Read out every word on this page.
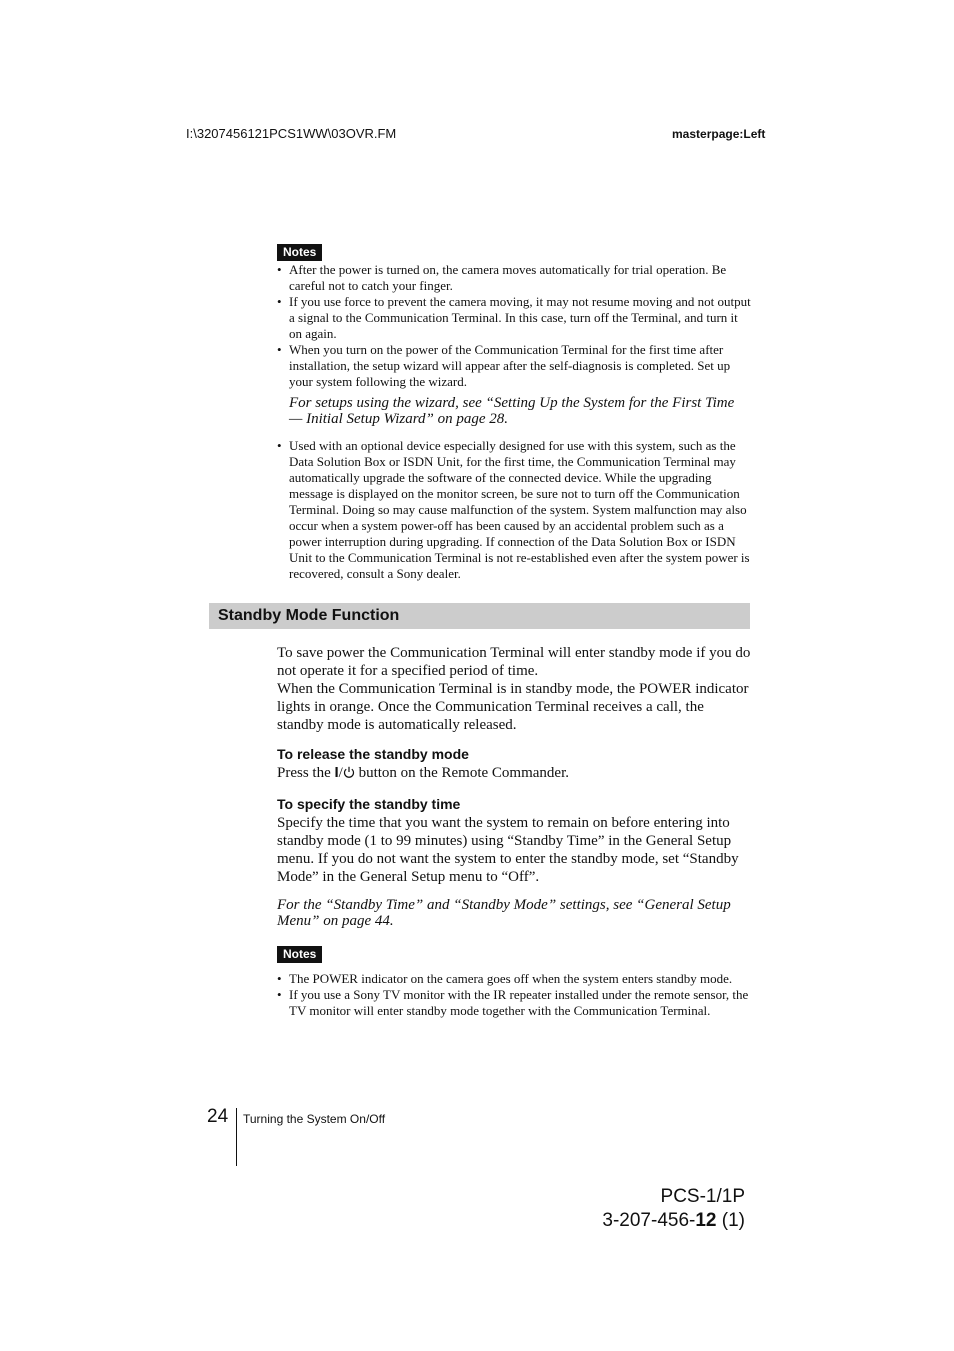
I:\3207456121PCS1WW\03OVR.FM	masterpage:Left
Notes
• After the power is turned on, the camera moves automatically for trial operation. Be careful not to catch your finger.
• If you use force to prevent the camera moving, it may not resume moving and not output a signal to the Communication Terminal. In this case, turn off the Terminal, and turn it on again.
• When you turn on the power of the Communication Terminal for the first time after installation, the setup wizard will appear after the self-diagnosis is completed. Set up your system following the wizard.
For setups using the wizard, see “Setting Up the System for the First Time — Initial Setup Wizard” on page 28.
• Used with an optional device especially designed for use with this system, such as the Data Solution Box or ISDN Unit, for the first time, the Communication Terminal may automatically upgrade the software of the connected device. While the upgrading message is displayed on the monitor screen, be sure not to turn off the Communication Terminal. Doing so may cause malfunction of the system. System malfunction may also occur when a system power-off has been caused by an accidental problem such as a power interruption during upgrading. If connection of the Data Solution Box or ISDN Unit to the Communication Terminal is not re-established even after the system power is recovered, consult a Sony dealer.
Standby Mode Function

To save power the Communication Terminal will enter standby mode if you do not operate it for a specified period of time.

When the Communication Terminal is in standby mode, the POWER indicator lights in orange. Once the Communication Terminal receives a call, the standby mode is automatically released.

To release the standby mode

Press the I/ button on the Remote Commander.

To specify the standby time

Specify the time that you want the system to remain on before entering into standby mode (1 to 99 minutes) using “Standby Time” in the General Setup menu. If you do not want the system to enter the standby mode, set “Standby Mode” in the General Setup menu to “Off”.

For the “Standby Time” and “Standby Mode” settings, see “General Setup Menu” on page 44.
Notes
• The POWER indicator on the camera goes off when the system enters standby mode.
• If you use a Sony TV monitor with the IR repeater installed under the remote sensor, the TV monitor will enter standby mode together with the Communication Terminal.
24 Turning the System On/Off
PCS-1/1P
3-207-456-12 (1)
